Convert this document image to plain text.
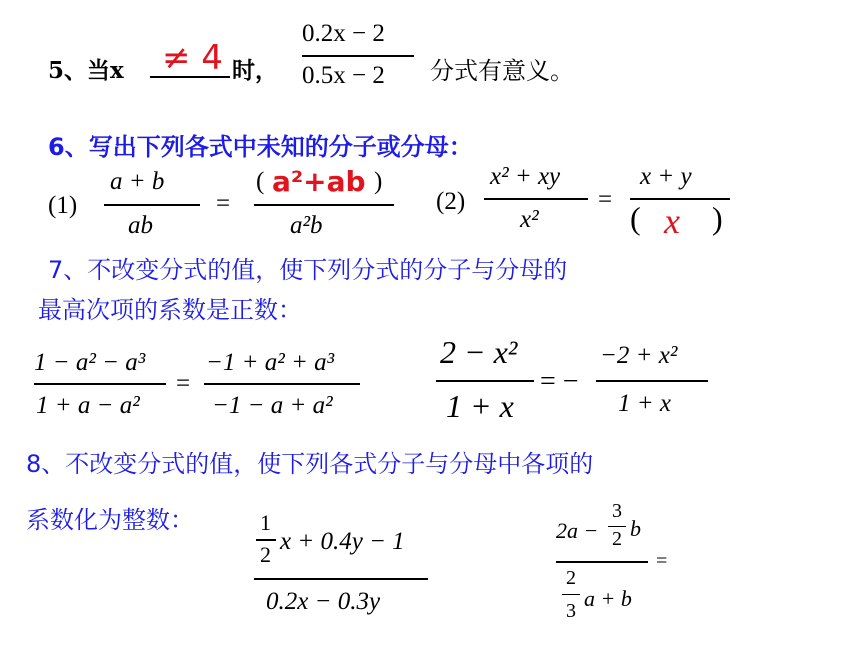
5、当x ≠ 4 时，
0.2x − 2
0.5x − 2 分式有意义。
6、写出下列各式中未知的分子或分母：
(1)
a + b
ab
=
( a²+ab )
a²b
(2)
x² + xy
x²
=
x + y
( x )
7、不改变分式的值，使下列分式的分子与分母的
最高次项的系数是正数：
1 − a² − a³
1 + a − a²
=
−1 + a² + a³
−1 − a + a²
2 − x²
1 + x
= −
−2 + x²
1 + x
8、不改变分式的值，使下列各式分子与分母中各项的
系数化为整数：	1
2 x + 0.4y − 1
0.2x − 0.3y
2a −
3
2 b
=
2
3 a + b
